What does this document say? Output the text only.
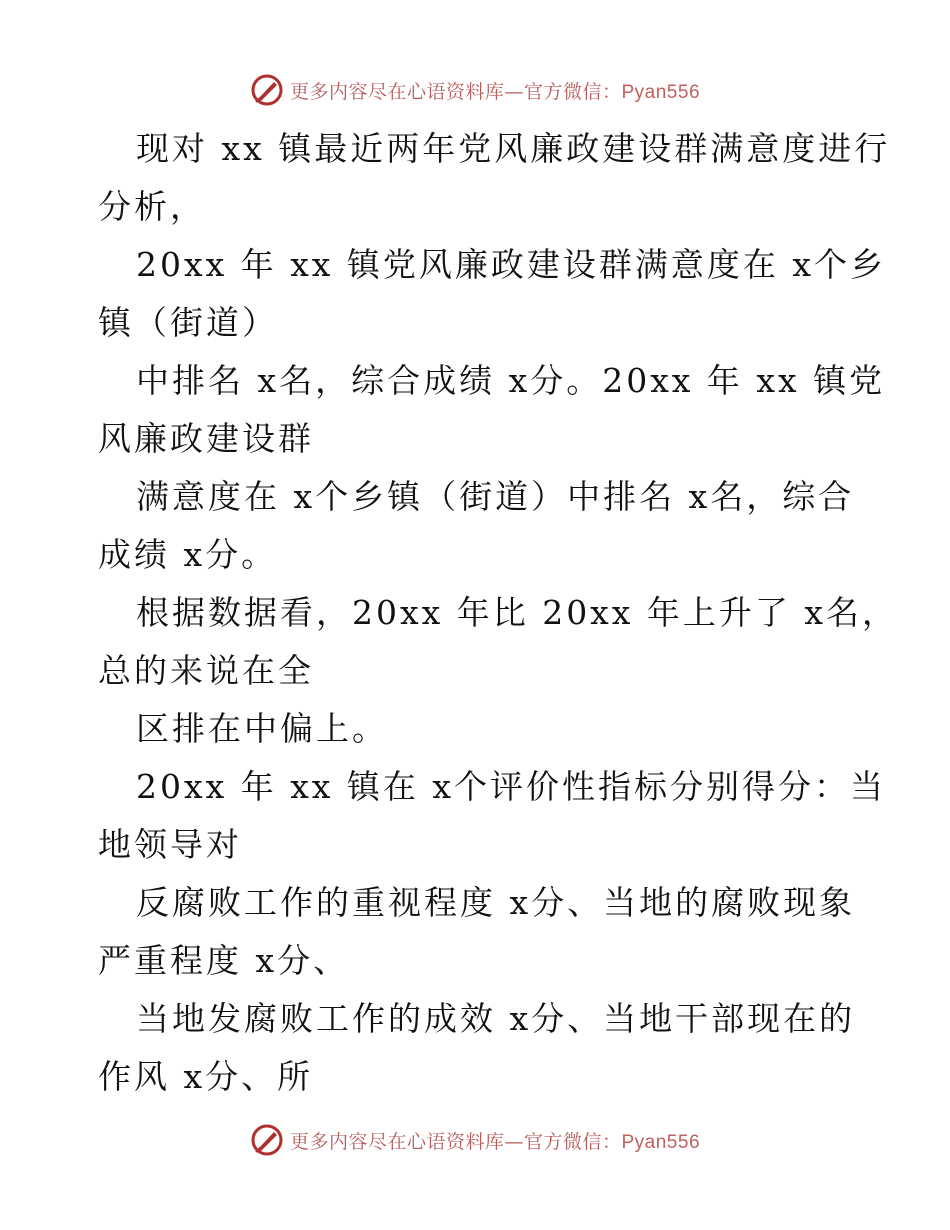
更多内容尽在心语资料库—官方微信：Pyan556
现对 xx 镇最近两年党风廉政建设群满意度进行
分析，
20xx 年 xx 镇党风廉政建设群满意度在 x个乡
镇（街道）
中排名 x名，综合成绩 x分。20xx 年 xx 镇党
风廉政建设群
满意度在 x个乡镇（街道）中排名 x名，综合
成绩 x分。
根据数据看，20xx 年比 20xx 年上升了 x名，
总的来说在全
区排在中偏上。
20xx 年 xx 镇在 x个评价性指标分别得分：当
地领导对
反腐败工作的重视程度 x分、当地的腐败现象
严重程度 x分、
当地发腐败工作的成效 x分、当地干部现在的
作风 x分、所
更多内容尽在心语资料库—官方微信：Pyan556
